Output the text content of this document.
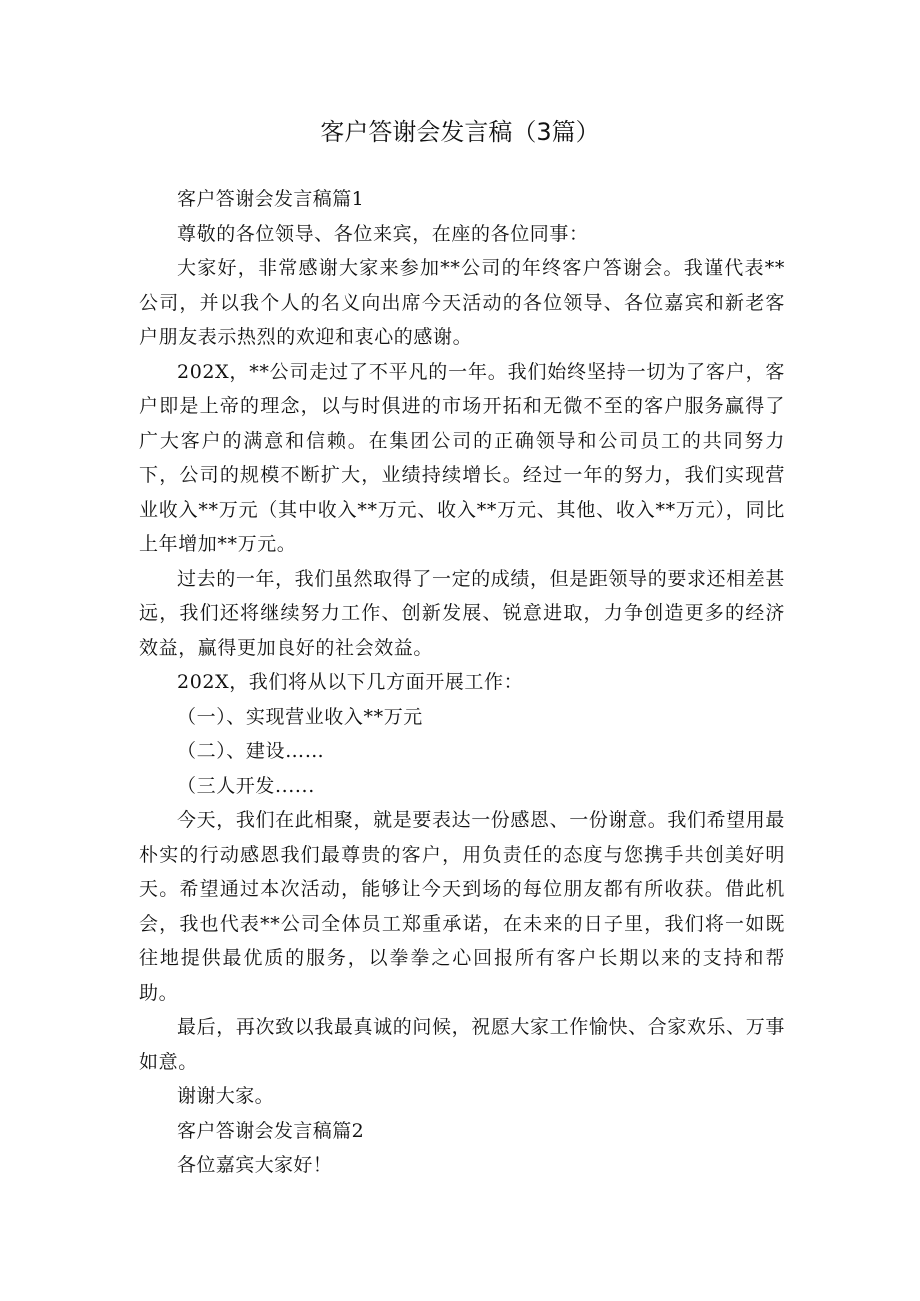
客户答谢会发言稿（3篇）

客户答谢会发言稿篇1

尊敬的各位领导、各位来宾，在座的各位同事：

大家好，非常感谢大家来参加**公司的年终客户答谢会。我谨代表**公司，并以我个人的名义向出席今天活动的各位领导、各位嘉宾和新老客户朋友表示热烈的欢迎和衷心的感谢。

202X，**公司走过了不平凡的一年。我们始终坚持一切为了客户，客户即是上帝的理念，以与时俱进的市场开拓和无微不至的客户服务赢得了广大客户的满意和信赖。在集团公司的正确领导和公司员工的共同努力下，公司的规模不断扩大，业绩持续增长。经过一年的努力，我们实现营业收入**万元（其中收入**万元、收入**万元、其他、收入**万元），同比上年增加**万元。

过去的一年，我们虽然取得了一定的成绩，但是距领导的要求还相差甚远，我们还将继续努力工作、创新发展、锐意进取，力争创造更多的经济效益，赢得更加良好的社会效益。

202X，我们将从以下几方面开展工作：

（一）、实现营业收入**万元

（二）、建设……

（三人开发......

今天，我们在此相聚，就是要表达一份感恩、一份谢意。我们希望用最朴实的行动感恩我们最尊贵的客户，用负责任的态度与您携手共创美好明天。希望通过本次活动，能够让今天到场的每位朋友都有所收获。借此机会，我也代表**公司全体员工郑重承诺，在未来的日子里，我们将一如既往地提供最优质的服务，以拳拳之心回报所有客户长期以来的支持和帮助。

最后，再次致以我最真诚的问候，祝愿大家工作愉快、合家欢乐、万事如意。

谢谢大家。

客户答谢会发言稿篇2

各位嘉宾大家好！
